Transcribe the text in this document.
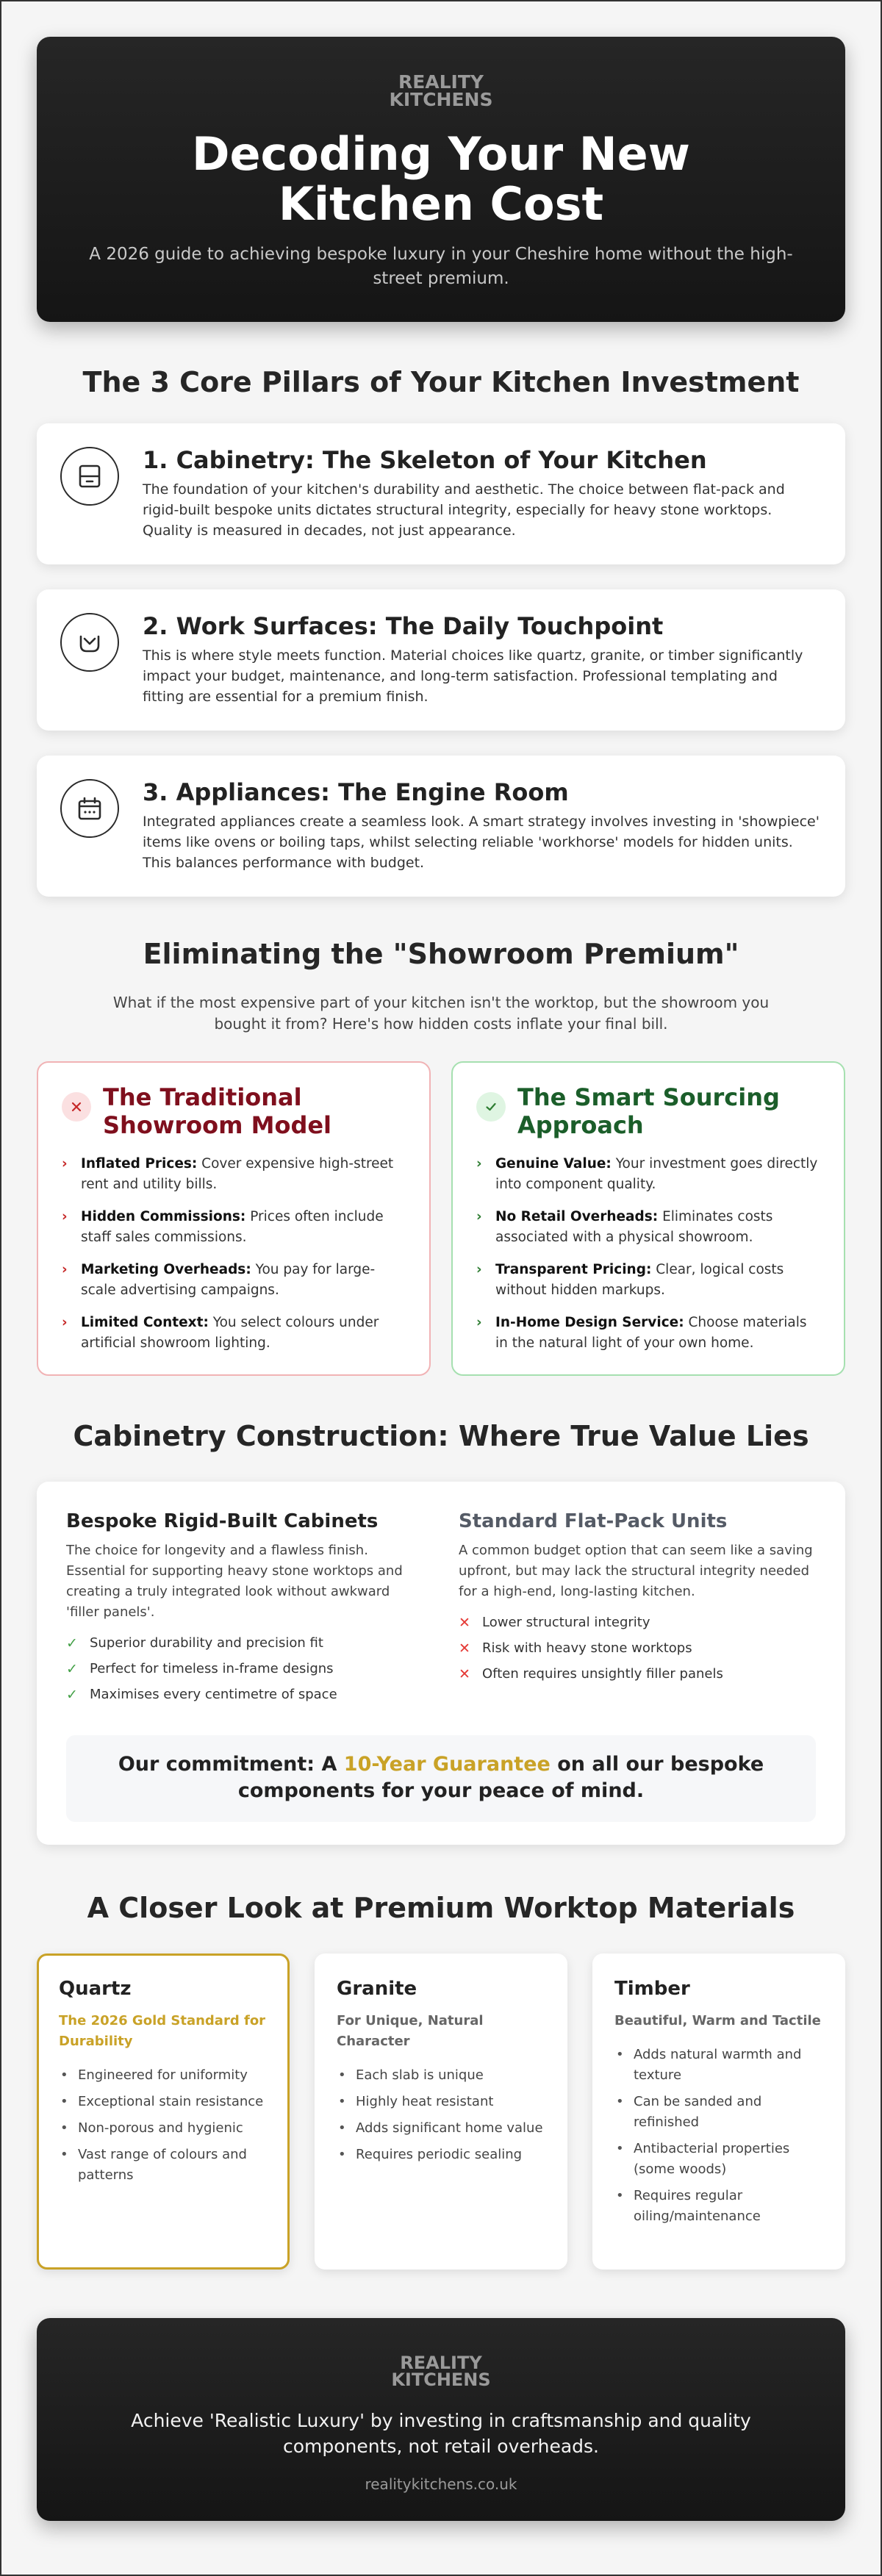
REALITY
KITCHENS
Decoding Your New Kitchen Cost

A 2026 guide to achieving bespoke luxury in your Cheshire home without the high-street premium.

The 3 Core Pillars of Your Kitchen Investment
1. Cabinetry: The Skeleton of Your Kitchen

The foundation of your kitchen's durability and aesthetic. The choice between flat-pack and rigid-built bespoke units dictates structural integrity, especially for heavy stone worktops. Quality is measured in decades, not just appearance.

2. Work Surfaces: The Daily Touchpoint

This is where style meets function. Material choices like quartz, granite, or timber significantly impact your budget, maintenance, and long-term satisfaction. Professional templating and fitting are essential for a premium finish.

3. Appliances: The Engine Room

Integrated appliances create a seamless look. A smart strategy involves investing in 'showpiece' items like ovens or boiling taps, whilst selecting reliable 'workhorse' models for hidden units. This balances performance with budget.

Eliminating the "Showroom Premium"

What if the most expensive part of your kitchen isn't the worktop, but the showroom you bought it from? Here's how hidden costs inflate your final bill.

The Traditional Showroom Model
› Inflated Prices: Cover expensive high-street rent and utility bills.
› Hidden Commissions: Prices often include staff sales commissions.
› Marketing Overheads: You pay for large-scale advertising campaigns.
› Limited Context: You select colours under artificial showroom lighting.
The Smart Sourcing Approach
› Genuine Value: Your investment goes directly into component quality.
› No Retail Overheads: Eliminates costs associated with a physical showroom.
› Transparent Pricing: Clear, logical costs without hidden markups.
› In-Home Design Service: Choose materials in the natural light of your own home.
Cabinetry Construction: Where True Value Lies
Bespoke Rigid-Built Cabinets

The choice for longevity and a flawless finish. Essential for supporting heavy stone worktops and creating a truly integrated look without awkward 'filler panels'.

✓ Superior durability and precision fit
✓ Perfect for timeless in-frame designs
✓ Maximises every centimetre of space
Standard Flat-Pack Units

A common budget option that can seem like a saving upfront, but may lack the structural integrity needed for a high-end, long-lasting kitchen.

✕ Lower structural integrity
✕ Risk with heavy stone worktops
✕ Often requires unsightly filler panels
Our commitment: A 10-Year Guarantee on all our bespoke components for your peace of mind.
A Closer Look at Premium Worktop Materials
Quartz
The 2026 Gold Standard for Durability
• Engineered for uniformity
• Exceptional stain resistance
• Non-porous and hygienic
• Vast range of colours and patterns
Granite
For Unique, Natural Character
• Each slab is unique
• Highly heat resistant
• Adds significant home value
• Requires periodic sealing
Timber
Beautiful, Warm and Tactile
• Adds natural warmth and texture
• Can be sanded and refinished
• Antibacterial properties (some woods)
• Requires regular oiling/maintenance
REALITY
KITCHENS

Achieve 'Realistic Luxury' by investing in craftsmanship and quality components, not retail overheads.

realitykitchens.co.uk
